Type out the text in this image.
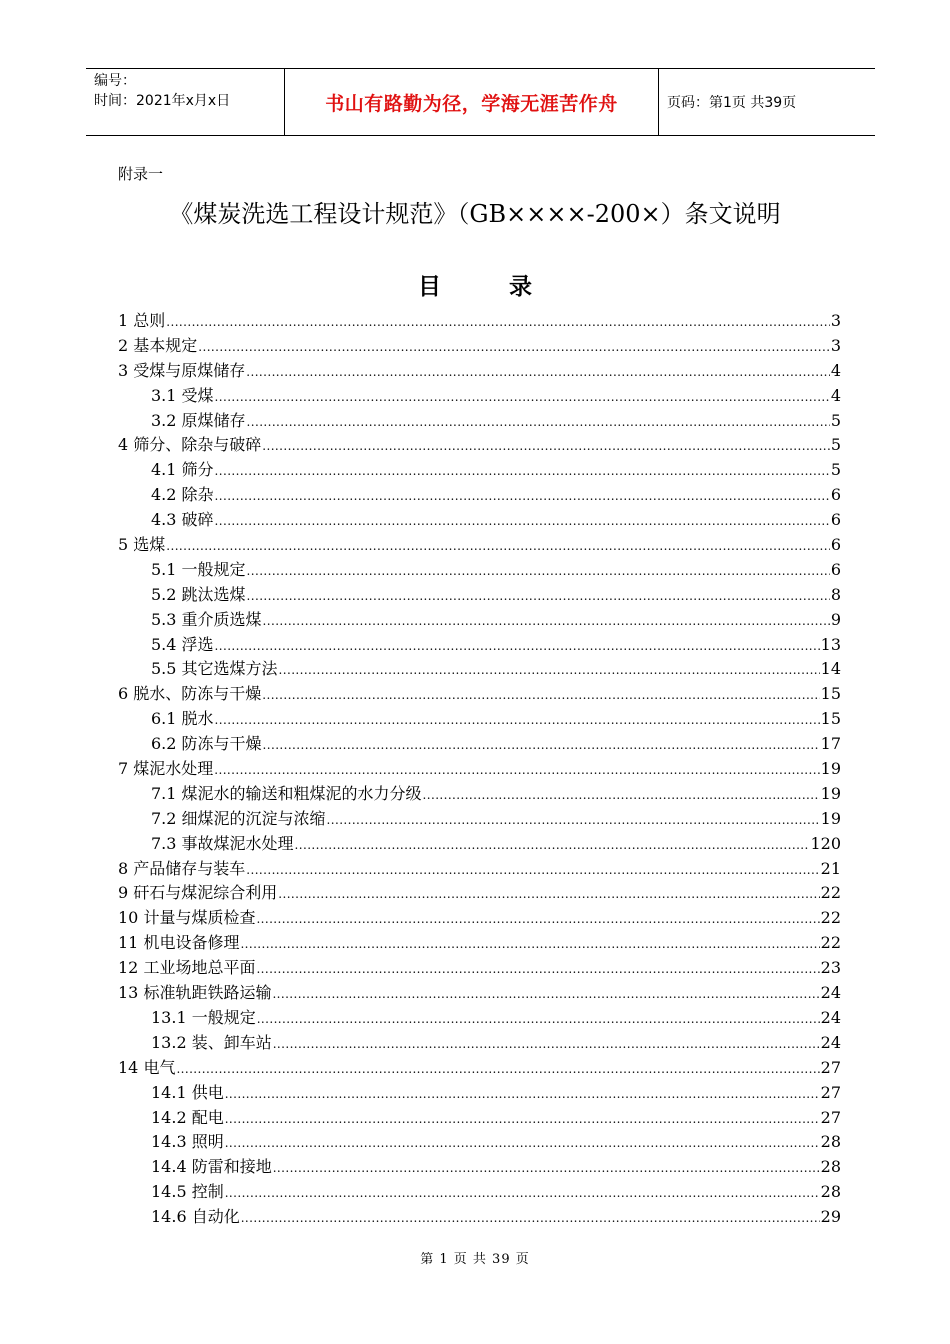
编号：
时间：2021年x月x日	书山有路勤为径，学海无涯苦作舟	页码：第1页 共39页
附录一
《煤炭洗选工程设计规范》（GB××××-200×）条文说明
目 录
1 总则 .....	3
2 基本规定 .....	3
3 受煤与原煤储存 .....	4
3.1 受煤 .....	4
3.2 原煤储存 .....	5
4 筛分、除杂与破碎 .....	5
4.1 筛分 .....	5
4.2 除杂 .....	6
4.3 破碎 .....	6
5 选煤 .....	6
5.1 一般规定 .....	6
5.2 跳汰选煤 .....	8
5.3 重介质选煤 .....	9
5.4 浮选 .....	13
5.5 其它选煤方法 .....	14
6 脱水、防冻与干燥 .....	15
6.1 脱水 .....	15
6.2 防冻与干燥 .....	17
7 煤泥水处理 .....	19
7.1 煤泥水的输送和粗煤泥的水力分级 .....	19
7.2 细煤泥的沉淀与浓缩 .....	19
7.3 事故煤泥水处理 .....	120
8 产品储存与装车 .....	21
9 矸石与煤泥综合利用 .....	22
10 计量与煤质检查 .....	22
11 机电设备修理 .....	22
12 工业场地总平面 .....	23
13 标准轨距铁路运输 .....	24
13.1 一般规定 .....	24
13.2 装、卸车站 .....	24
14 电气 .....	27
14.1 供电 .....	27
14.2 配电 .....	27
14.3 照明 .....	28
14.4 防雷和接地 .....	28
14.5 控制 .....	28
14.6 自动化 .....	29
第 1 页 共 39 页
